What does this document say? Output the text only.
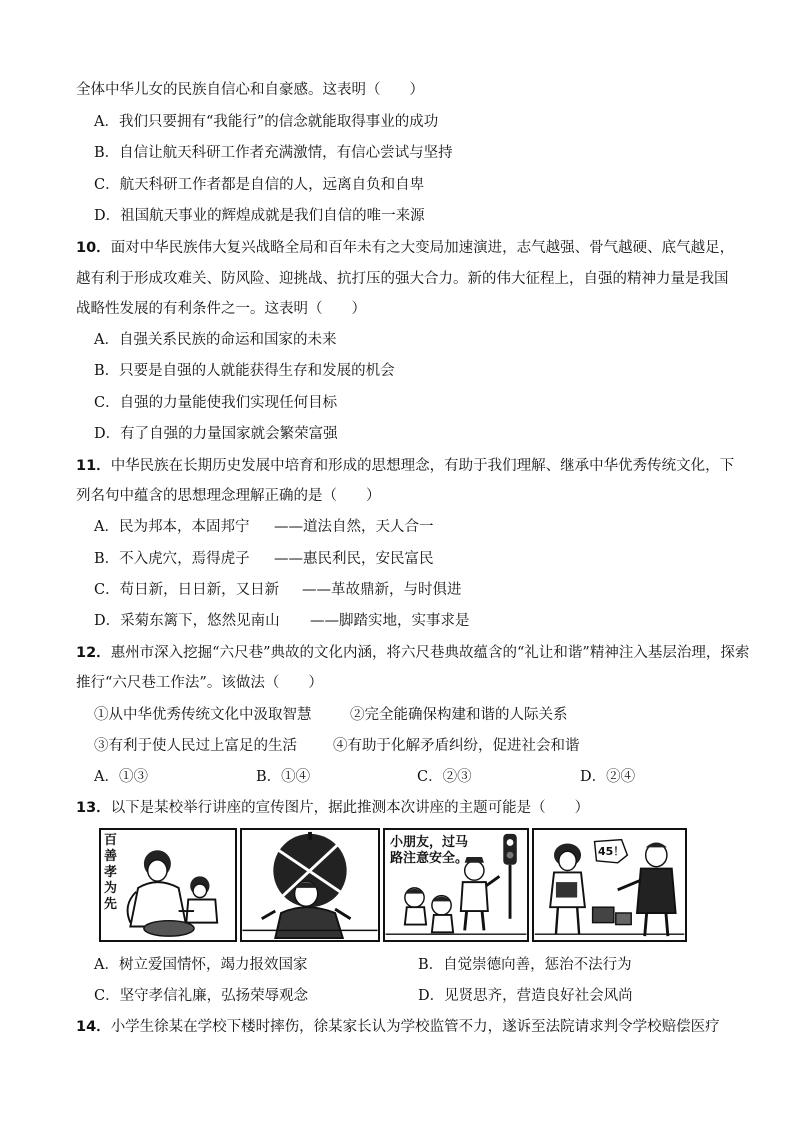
全体中华儿女的民族自信心和自豪感。这表明（　　）
A．我们只要拥有“我能行”的信念就能取得事业的成功
B．自信让航天科研工作者充满激情，有信心尝试与坚持
C．航天科研工作者都是自信的人，远离自负和自卑
D．祖国航天事业的辉煌成就是我们自信的唯一来源
10．面对中华民族伟大复兴战略全局和百年未有之大变局加速演进，志气越强、骨气越硬、底气越足，
越有利于形成攻难关、防风险、迎挑战、抗打压的强大合力。新的伟大征程上，自强的精神力量是我国
战略性发展的有利条件之一。这表明（　　）
A．自强关系民族的命运和国家的未来
B．只要是自强的人就能获得生存和发展的机会
C．自强的力量能使我们实现任何目标
D．有了自强的力量国家就会繁荣富强
11．中华民族在长期历史发展中培育和形成的思想理念，有助于我们理解、继承中华优秀传统文化，下
列名句中蕴含的思想理念理解正确的是（　　）
A．民为邦本，本固邦宁 ——道法自然，天人合一
B．不入虎穴，焉得虎子 ——惠民利民，安民富民
C．苟日新，日日新，又日新 ——革故鼎新，与时俱进
D．采菊东篱下，悠然见南山 ——脚踏实地，实事求是
12．惠州市深入挖掘“六尺巷”典故的文化内涵，将六尺巷典故蕴含的“礼让和谐”精神注入基层治理，探索
推行“六尺巷工作法”。该做法（　　）
①从中华优秀传统文化中汲取智慧	②完全能确保构建和谐的人际关系
③有利于使人民过上富足的生活 ④有助于化解矛盾纠纷，促进社会和谐
A．①③	B．①④	C．②③	D．②④
13．以下是某校举行讲座的宣传图片，据此推测本次讲座的主题可能是（　　）
百
善
孝
为
先
小朋友，过马
路注意安全。	45！
A．树立爱国情怀，竭力报效国家	B．自觉崇德向善，惩治不法行为
C．坚守孝信礼廉，弘扬荣辱观念	D．见贤思齐，营造良好社会风尚
14．小学生徐某在学校下楼时摔伤，徐某家长认为学校监管不力，遂诉至法院请求判令学校赔偿医疗
